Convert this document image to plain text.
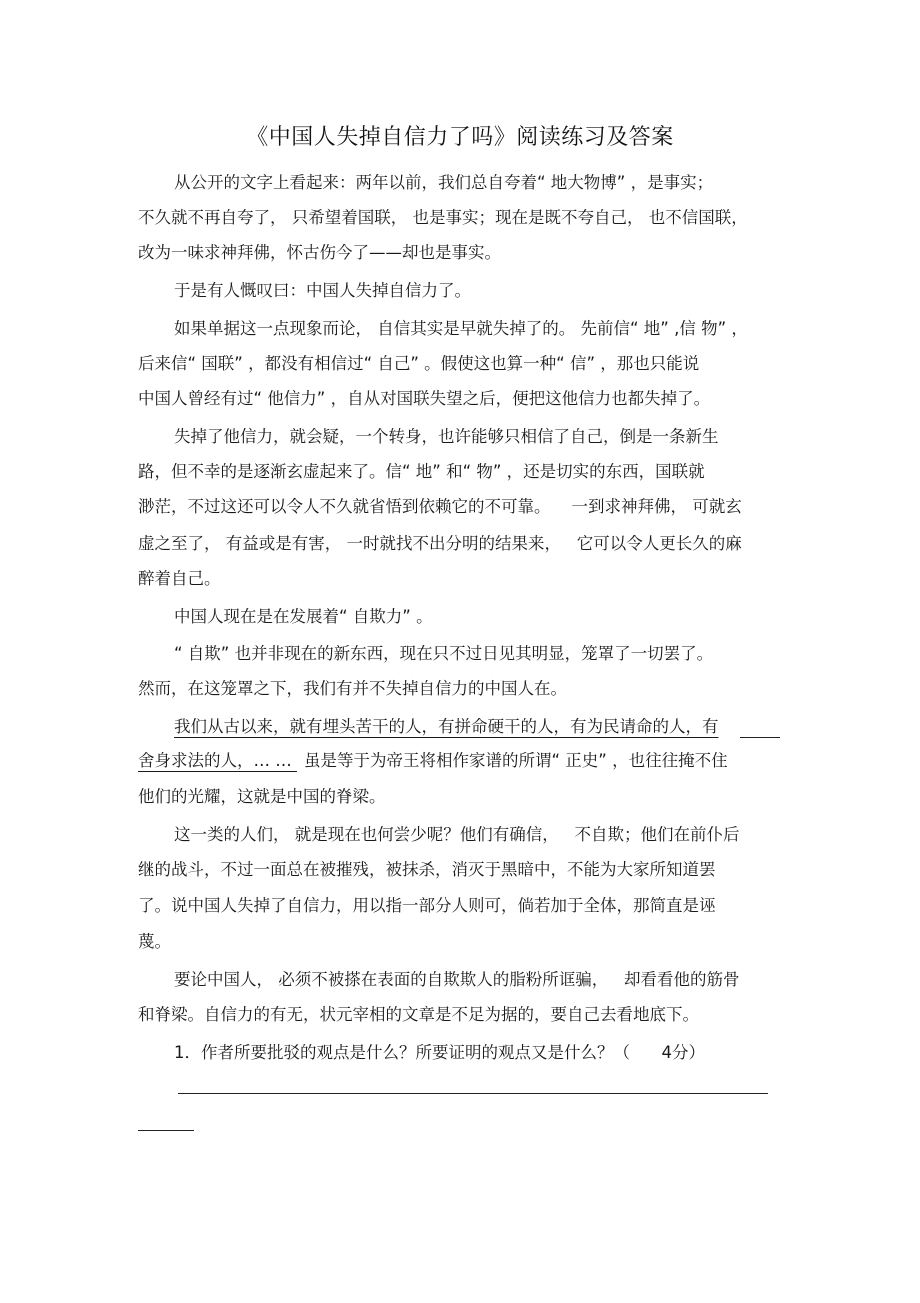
《中国人失掉自信力了吗》阅读练习及答案
从公开的文字上看起来：两年以前，我们总自夸着“ 地大物博” ，是事实；
不久就不再自夸了， 只希望着国联， 也是事实；现在是既不夸自己， 也不信国联，
改为一味求神拜佛，怀古伤今了——却也是事实。
于是有人慨叹曰：中国人失掉自信力了。
如果单据这一点现象而论， 自信其实是早就失掉了的。 先前信“ 地” ,信 物” ，
后来信“ 国联” ，都没有相信过“ 自己” 。假使这也算一种“ 信” ，那也只能说
中国人曾经有过“ 他信力” ，自从对国联失望之后，便把这他信力也都失掉了。
失掉了他信力，就会疑，一个转身，也许能够只相信了自己，倒是一条新生
路，但不幸的是逐渐玄虚起来了。信“ 地” 和“ 物” ，还是切实的东西，国联就
渺茫，不过这还可以令人不久就省悟到依赖它的不可靠。    一到求神拜佛， 可就玄
虚之至了， 有益或是有害， 一时就找不出分明的结果来，   它可以令人更长久的麻
醉着自己。
中国人现在是在发展着“ 自欺力” 。
“ 自欺” 也并非现在的新东西，现在只不过日见其明显，笼罩了一切罢了。
然而，在这笼罩之下，我们有并不失掉自信力的中国人在。
我们从古以来，就有埋头苦干的人，有拼命硬干的人，有为民请命的人，有
舍身求法的人，… … 虽是等于为帝王将相作家谱的所谓“ 正史” ，也往往掩不住
他们的光耀，这就是中国的脊梁。
这一类的人们， 就是现在也何尝少呢？他们有确信，   不自欺；他们在前仆后
继的战斗，不过一面总在被摧残，被抹杀，消灭于黑暗中，不能为大家所知道罢
了。说中国人失掉了自信力，用以指一部分人则可，倘若加于全体，那简直是诬
蔑。
要论中国人， 必须不被搽在表面的自欺欺人的脂粉所诓骗，   却看看他的筋骨
和脊梁。自信力的有无，状元宰相的文章是不足为据的，要自己去看地底下。
1．作者所要批驳的观点是什么？所要证明的观点又是什么？（      4分）
